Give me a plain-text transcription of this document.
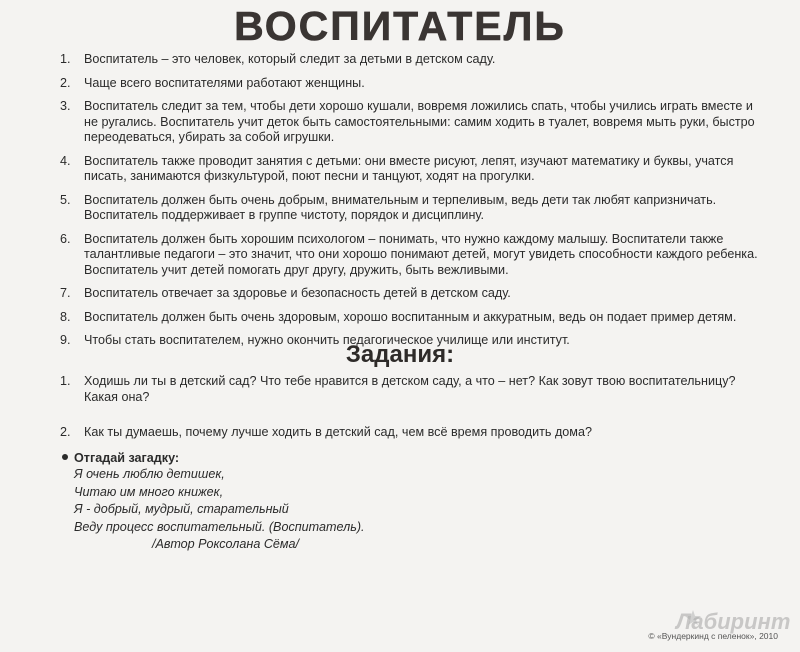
ВОСПИТАТЕЛЬ
1. Воспитатель – это человек, который следит за детьми в детском саду.
2. Чаще всего воспитателями работают женщины.
3. Воспитатель следит за тем, чтобы дети хорошо кушали, вовремя ложились спать, чтобы учились играть вместе и не ругались. Воспитатель учит деток быть самостоятельными: самим ходить в туалет, вовремя мыть руки, быстро переодеваться, убирать за собой игрушки.
4. Воспитатель также проводит занятия с детьми: они вместе рисуют, лепят, изучают математику и буквы, учатся писать, занимаются физкультурой, поют песни и танцуют, ходят на прогулки.
5. Воспитатель должен быть очень добрым, внимательным и терпеливым, ведь дети так любят капризничать. Воспитатель поддерживает в группе чистоту, порядок и дисциплину.
6. Воспитатель должен быть хорошим психологом – понимать, что нужно каждому малышу. Воспитатели также талантливые педагоги – это значит, что они хорошо понимают детей, могут увидеть способности каждого ребенка. Воспитатель учит детей помогать друг другу, дружить, быть вежливыми.
7. Воспитатель отвечает за здоровье и безопасность детей в детском саду.
8. Воспитатель должен быть очень здоровым, хорошо воспитанным и аккуратным, ведь он подает пример детям.
9. Чтобы стать воспитателем, нужно окончить педагогическое училище или институт.
Задания:
1. Ходишь ли ты в детский сад? Что тебе нравится в детском саду, а что – нет? Как зовут твою воспитательницу? Какая она?
2. Как ты думаешь, почему лучше ходить в детский сад, чем всё время проводить дома?
Отгадай загадку:
Я очень люблю детишек,
Читаю им много книжек,
Я - добрый, мудрый, старательный
Веду процесс воспитательный. (Воспитатель).
/Автор Роксолана Сёма/
Лабиринт
© «Вундеркинд с пеленок», 2010
